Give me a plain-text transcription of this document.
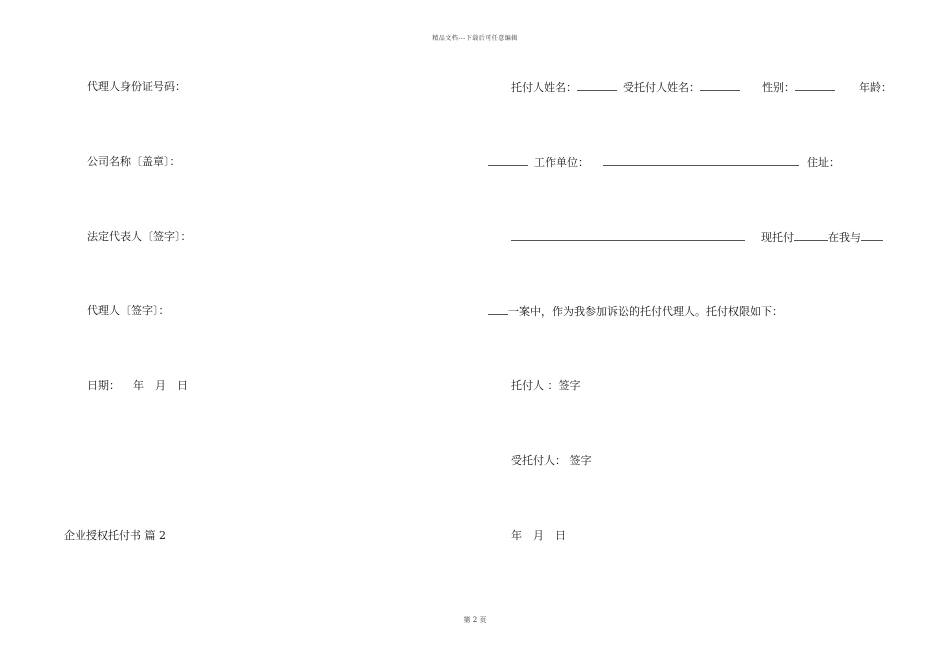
精品文档---下载后可任意编辑
代理人身份证号码：
公司名称〔盖章〕：
法定代表人〔签字〕：
代理人〔签字〕：
日期： 年 月 日
企业授权托付书 篇 2
托付人姓名：	受托付人姓名：	性别：	年龄：
工作单位：	住址：
现托付	在我与
一案中，作为我参加诉讼的托付代理人。托付权限如下：
托付人 ：签字
受托付人： 签字
年 月 日
第 2 页
